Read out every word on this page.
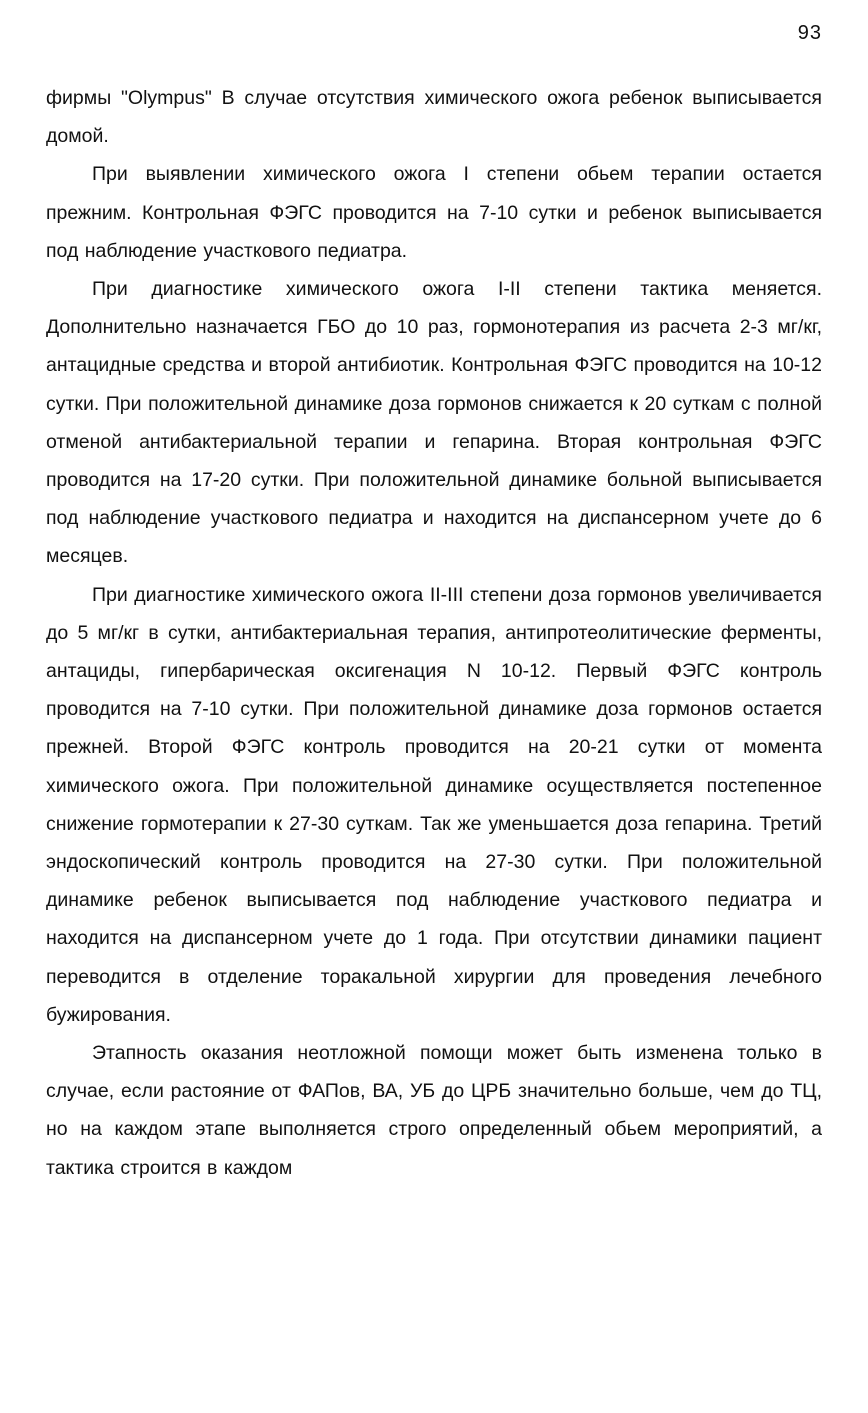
93

фирмы "Olympus" В случае отсутствия химического ожога ребенок выписывается домой.

При выявлении химического ожога I степени обьем терапии остается прежним. Контрольная ФЭГС проводится на 7-10 сутки и ребенок выписывается под наблюдение участкового педиатра.

При диагностике химического ожога I-II степени тактика меняется. Дополнительно назначается ГБО до 10 раз, гормонотерапия из расчета 2-3 мг/кг, антацидные средства и второй антибиотик. Контрольная ФЭГС проводится на 10-12 сутки. При положительной динамике доза гормонов снижается к 20 суткам с полной отменой антибактериальной терапии и гепарина. Вторая контрольная ФЭГС проводится на 17-20 сутки. При положительной динамике больной выписывается под наблюдение участкового педиатра и находится на диспансерном учете до 6 месяцев.

При диагностике химического ожога II-III степени доза гормонов увеличивается до 5 мг/кг в сутки, антибактериальная терапия, антипротеолитические ферменты, антациды, гипербарическая оксигенация N 10-12. Первый ФЭГС контроль проводится на 7-10 сутки. При положительной динамике доза гормонов остается прежней. Второй ФЭГС контроль проводится на 20-21 сутки от момента химического ожога. При положительной динамике осуществляется постепенное снижение гормотерапии к 27-30 суткам. Так же уменьшается доза гепарина. Третий эндоскопический контроль проводится на 27-30 сутки. При положительной динамике ребенок выписывается под наблюдение участкового педиатра и находится на диспансерном учете до 1 года. При отсутствии динамики пациент переводится в отделение торакальной хирургии для проведения лечебного бужирования.

Этапность оказания неотложной помощи может быть изменена только в случае, если растояние от ФАПов, ВА, УБ до ЦРБ значительно больше, чем до ТЦ, но на каждом этапе выполняется строго определенный обьем мероприятий, а тактика строится в каждом
